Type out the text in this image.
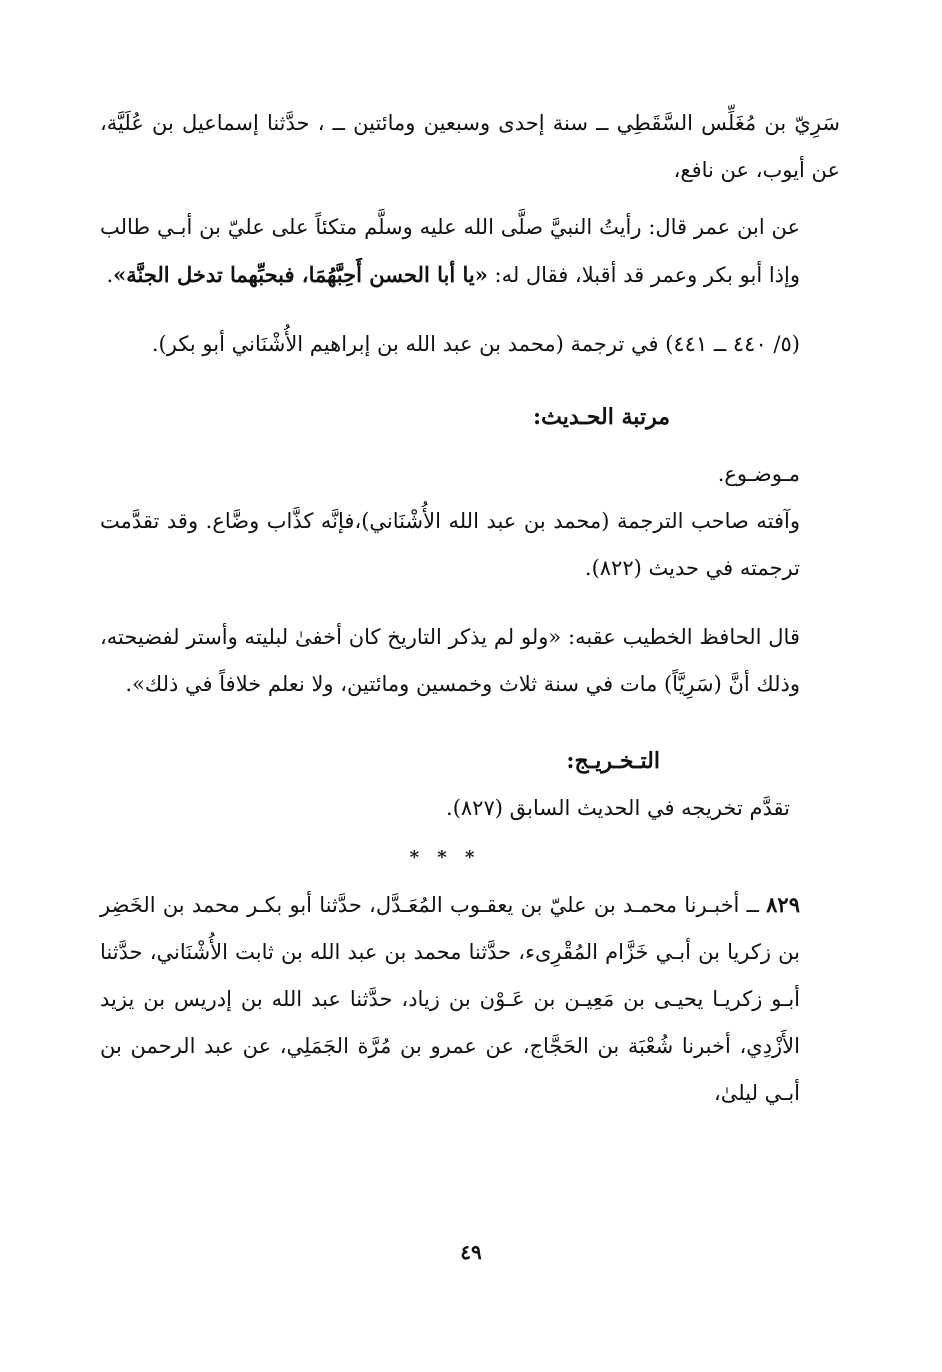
سَرِيّ بن مُغَلِّس السَّقَطِي ــ سنة إحدى وسبعين ومائتين ــ ، حدَّثنا إسماعيل بن عُلَيَّة، عن أيوب، عن نافع،

عن ابن عمر قال: رأيتُ النبيَّ صلَّى الله عليه وسلَّم متكئاً على عليّ بن أبـي طالب وإذا أبو بكر وعمر قد أقبلا، فقال له: «يا أبا الحسن أَحِبَّهُمَا، فبحبِّهما تدخل الجنَّة».

(٥/ ٤٤٠ ــ ٤٤١) في ترجمة (محمد بن عبد الله بن إبراهيم الأُشْنَاني أبو بكر).

مرتبة الحـديث:

مـوضـوع.

وآفته صاحب الترجمة (محمد بن عبد الله الأُشْنَاني)،فإنَّه كذَّاب وضَّاع. وقد تقدَّمت ترجمته في حديث (٨٢٢).

قال الحافظ الخطيب عقبه: «ولو لم يذكر التاريخ كان أخفىٰ لبليته وأستر لفضيحته، وذلك أنَّ (سَرِيَّاً) مات في سنة ثلاث وخمسين ومائتين، ولا نعلم خلافاً في ذلك».

التـخـريـج:

تقدَّم تخريجه في الحديث السابق (٨٢٧).

* * *

٨٢٩ ــ أخبـرنا محمـد بن عليّ بن يعقـوب المُعَـدَّل، حدَّثنا أبو بكـر محمد بن الخَضِر بن زكريا بن أبـي خَزَّام المُقْرِىء، حدَّثنا محمد بن عبد الله بن ثابت الأُشْنَاني، حدَّثنا أبـو زكريـا يحيـى بن مَعِيـن بن عَـوْن بن زياد، حدَّثنا عبد الله بن إدريس بن يزيد الأَزْدِي، أخبرنا شُعْبَة بن الحَجَّاج، عن عمرو بن مُرَّة الجَمَلِي، عن عبد الرحمن بن أبـي ليلىٰ،

٤٩
